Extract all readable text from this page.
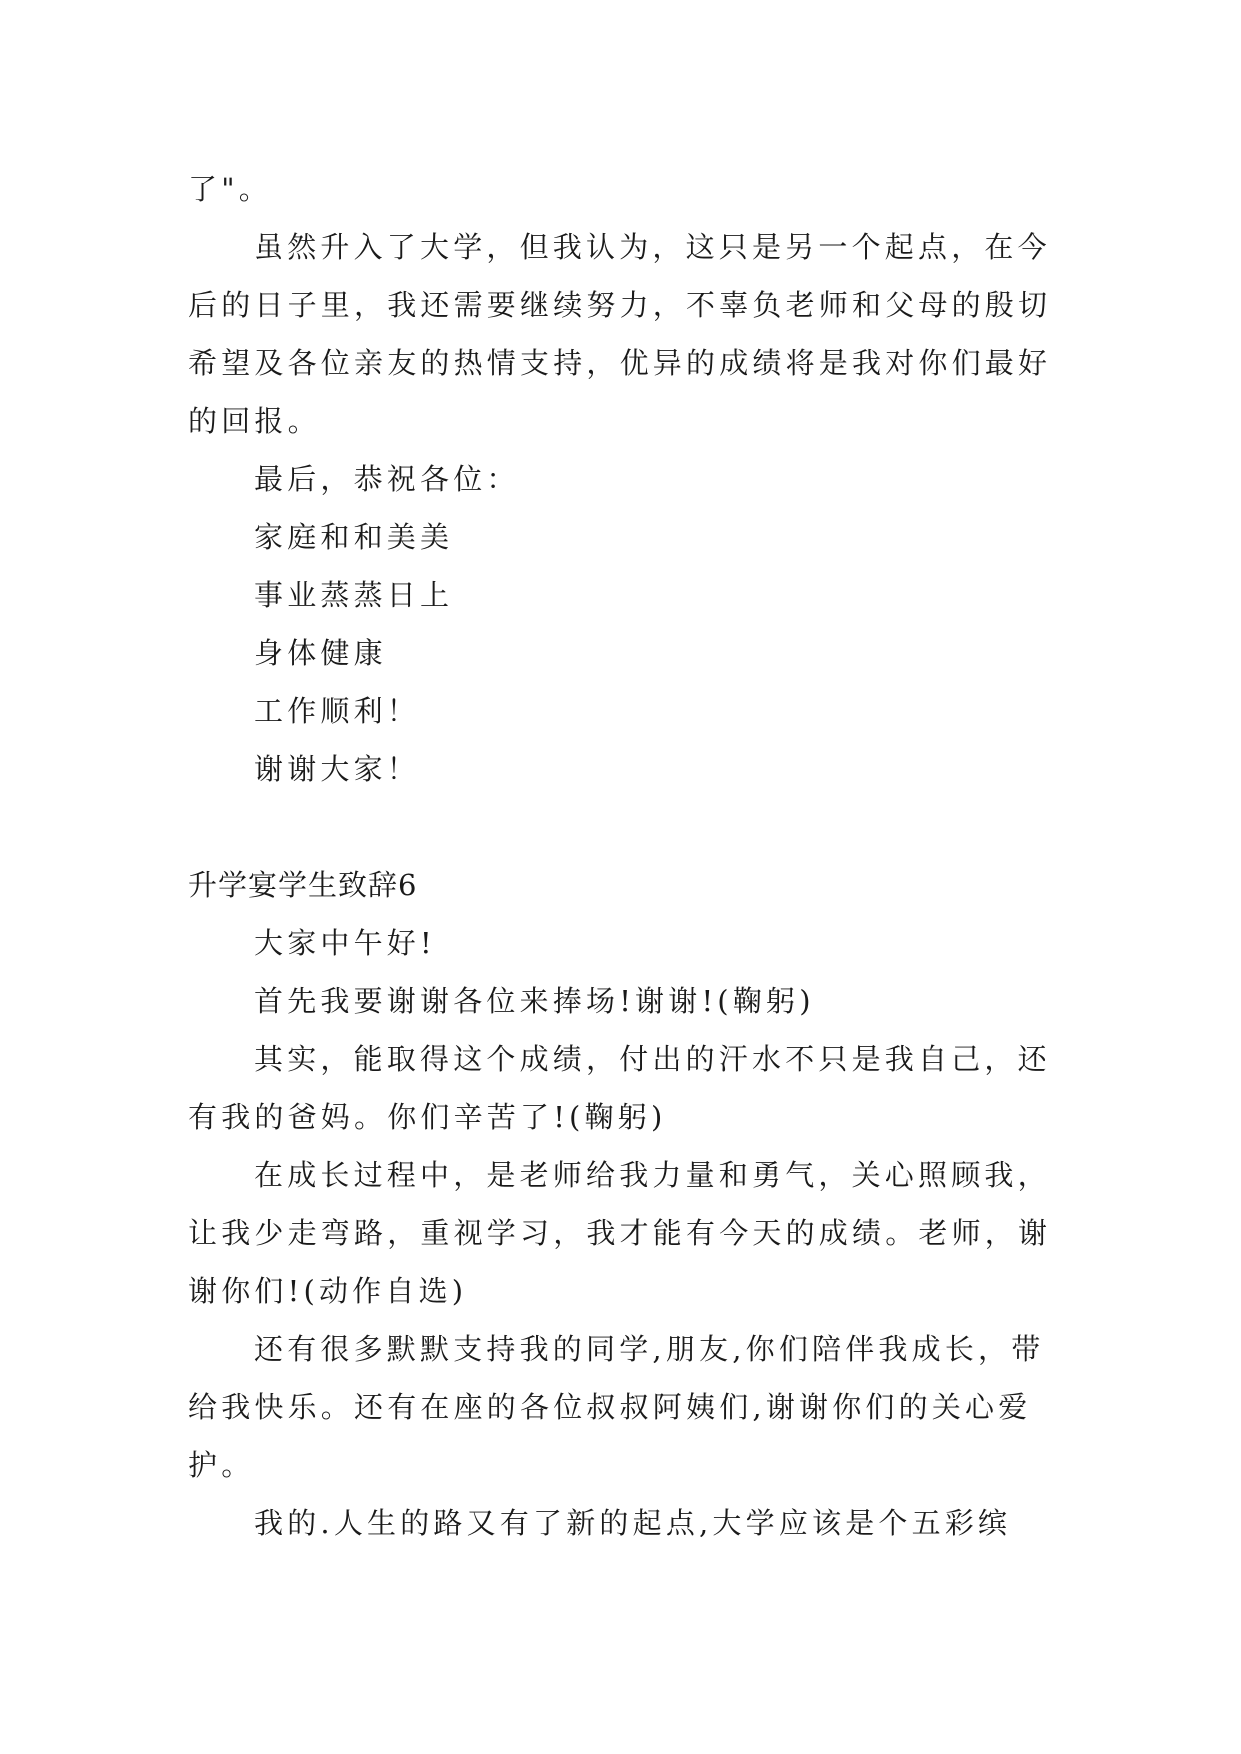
了"。
虽然升入了大学，但我认为，这只是另一个起点，在今
后的日子里，我还需要继续努力，不辜负老师和父母的殷切
希望及各位亲友的热情支持，优异的成绩将是我对你们最好
的回报。
最后，恭祝各位：
家庭和和美美
事业蒸蒸日上
身体健康
工作顺利！
谢谢大家！
升学宴学生致辞6
大家中午好!
首先我要谢谢各位来捧场!谢谢!(鞠躬)
其实，能取得这个成绩，付出的汗水不只是我自己，还
有我的爸妈。你们辛苦了!(鞠躬)
在成长过程中，是老师给我力量和勇气，关心照顾我，
让我少走弯路，重视学习，我才能有今天的成绩。老师，谢
谢你们!(动作自选)
还有很多默默支持我的同学,朋友,你们陪伴我成长，带
给我快乐。还有在座的各位叔叔阿姨们,谢谢你们的关心爱
护。
我的.人生的路又有了新的起点,大学应该是个五彩缤
